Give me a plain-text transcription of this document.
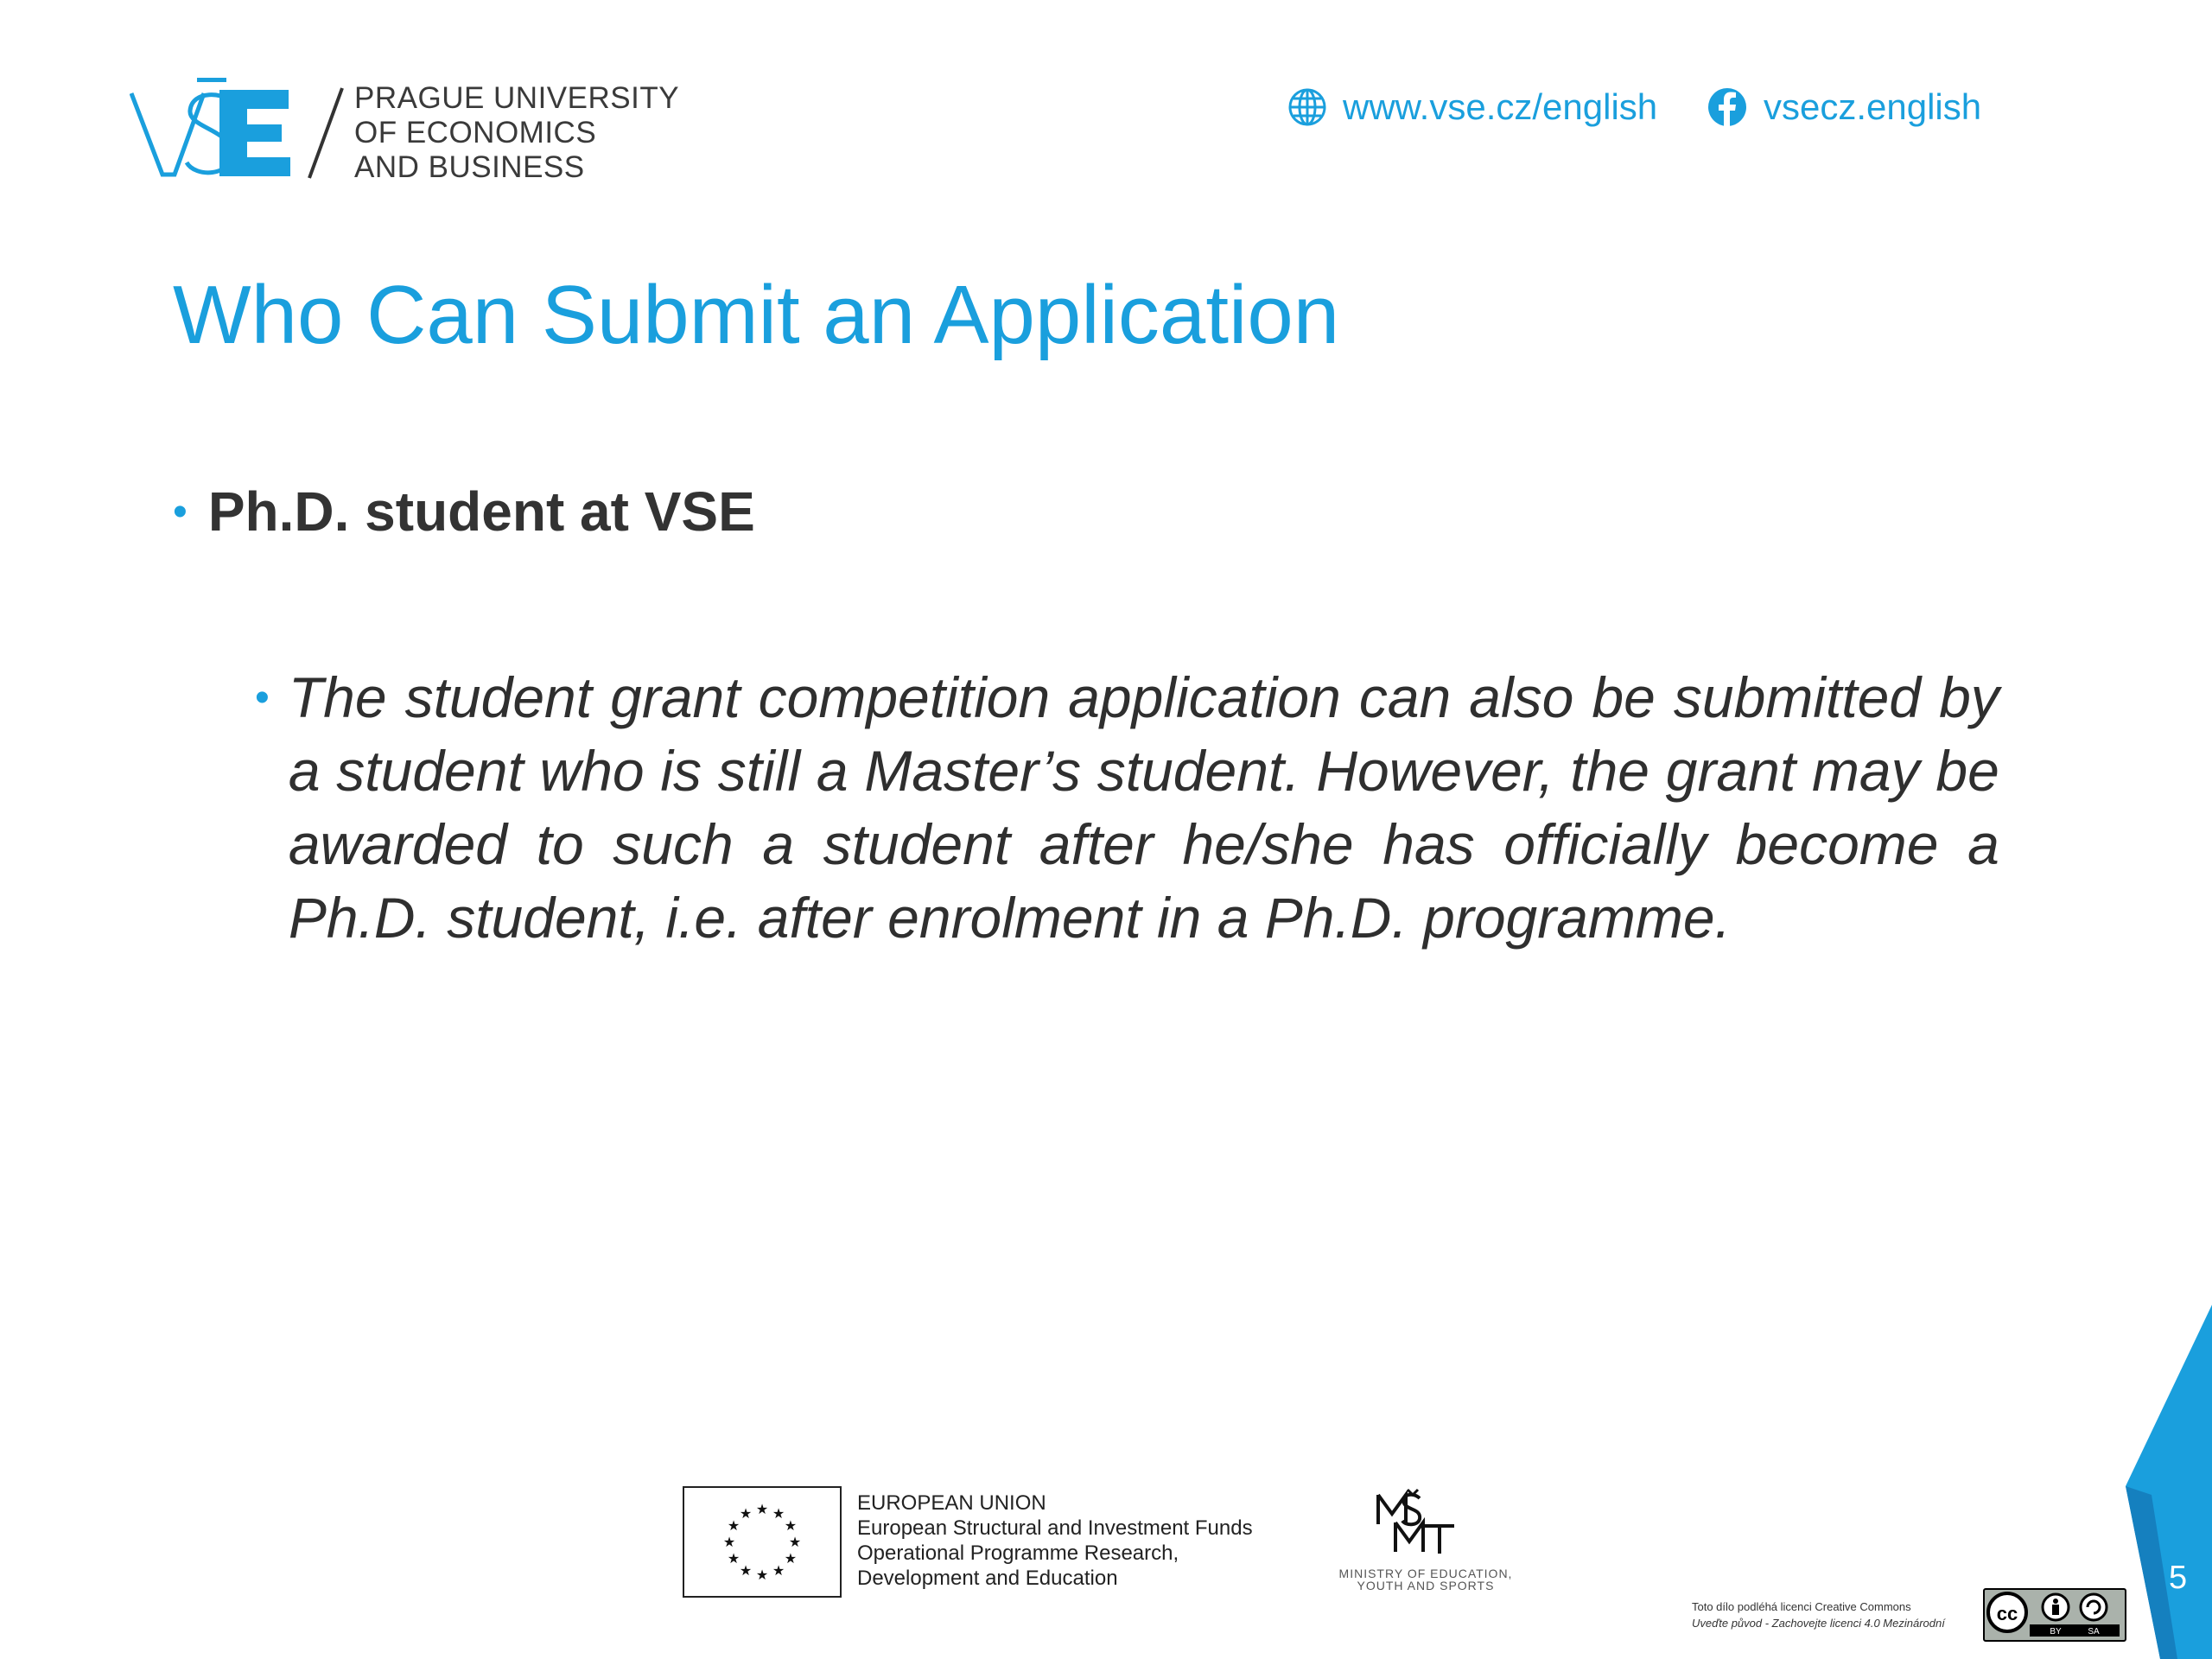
PRAGUE UNIVERSITY
OF ECONOMICS
AND BUSINESS
www.vse.cz/english	vsecz.english
Who Can Submit an Application
• Ph.D. student at VSE
• The student grant competition application can also be submitted by a student who is still a Master’s student. However, the grant may be awarded to such a student after he/she has officially become a Ph.D. student, i.e. after enrolment in a Ph.D. programme.

★ ★
★
★
★
★
★
★
★
★
★
★	EUROPEAN UNION
European Structural and Investment Funds
Operational Programme Research,
Development and Education	MINISTRY OF EDUCATION,
YOUTH AND SPORTS
Toto dílo podléhá licenci Creative Commons
Uveďte původ - Zachovejte licenci 4.0 Mezinárodní	cc
BY	SA
5
